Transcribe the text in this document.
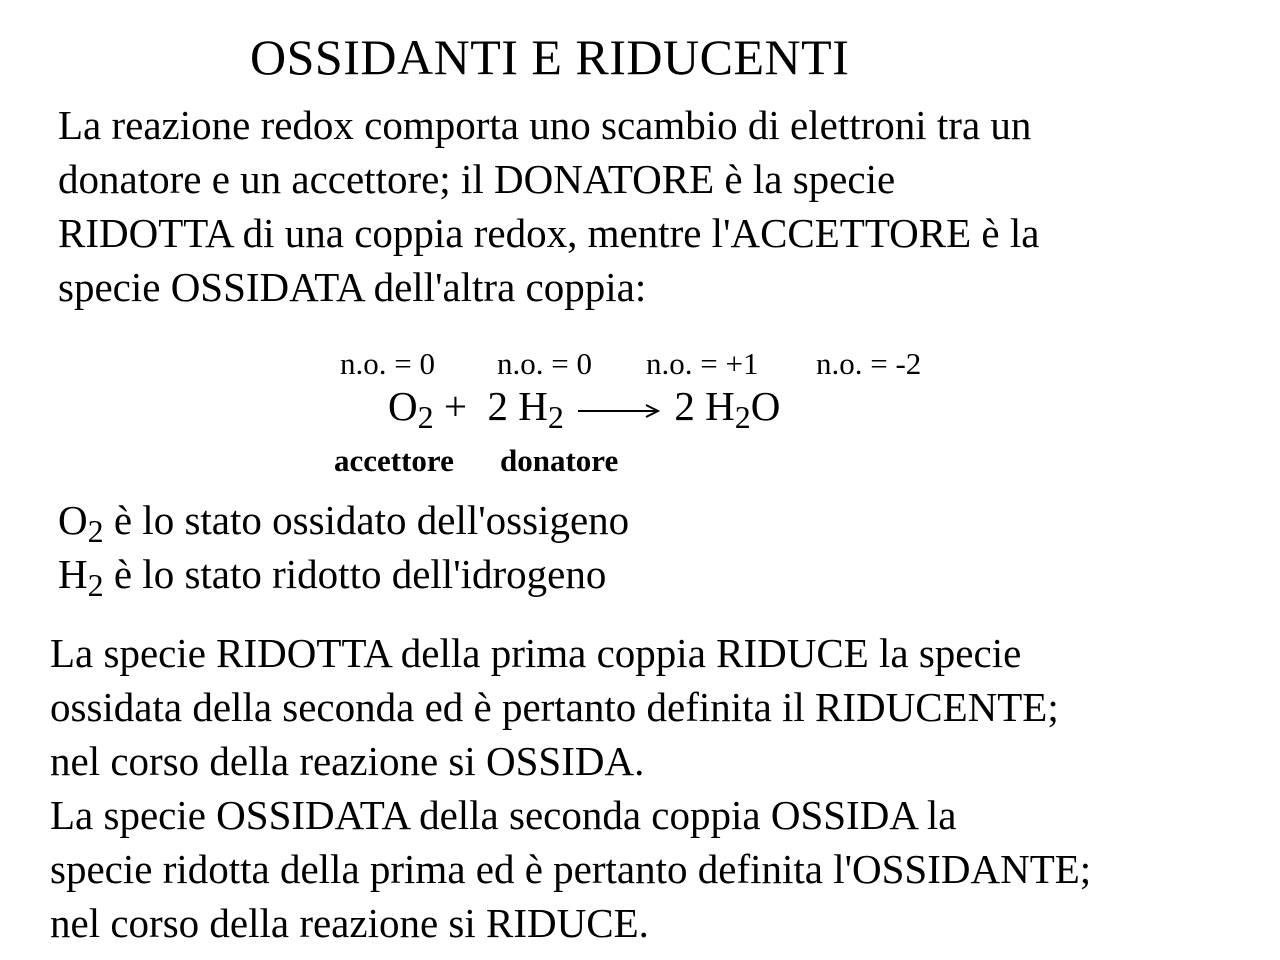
OSSIDANTI E RIDUCENTI
La reazione redox comporta uno scambio di elettroni tra un
donatore e un accettore; il DONATORE è la specie
RIDOTTA di una coppia redox, mentre l'ACCETTORE è la
specie OSSIDATA dell'altra coppia:
n.o. = 0 n.o. = 0 n.o. = +1 n.o. = -2
$O_2 + 2$ $H_2 \to 2$ $H_2O$
accettore donatore
$O_2$ è lo stato ossidato dell'ossigeno
$H_2$ è lo stato ridotto dell'idrogeno
La specie RIDOTTA della prima coppia RIDUCE la specie
ossidata della seconda ed è pertanto definita il RIDUCENTE;
nel corso della reazione si OSSIDA.
La specie OSSIDATA della seconda coppia OSSIDA la
specie ridotta della prima ed è pertanto definita l'OSSIDANTE;
nel corso della reazione si RIDUCE.
